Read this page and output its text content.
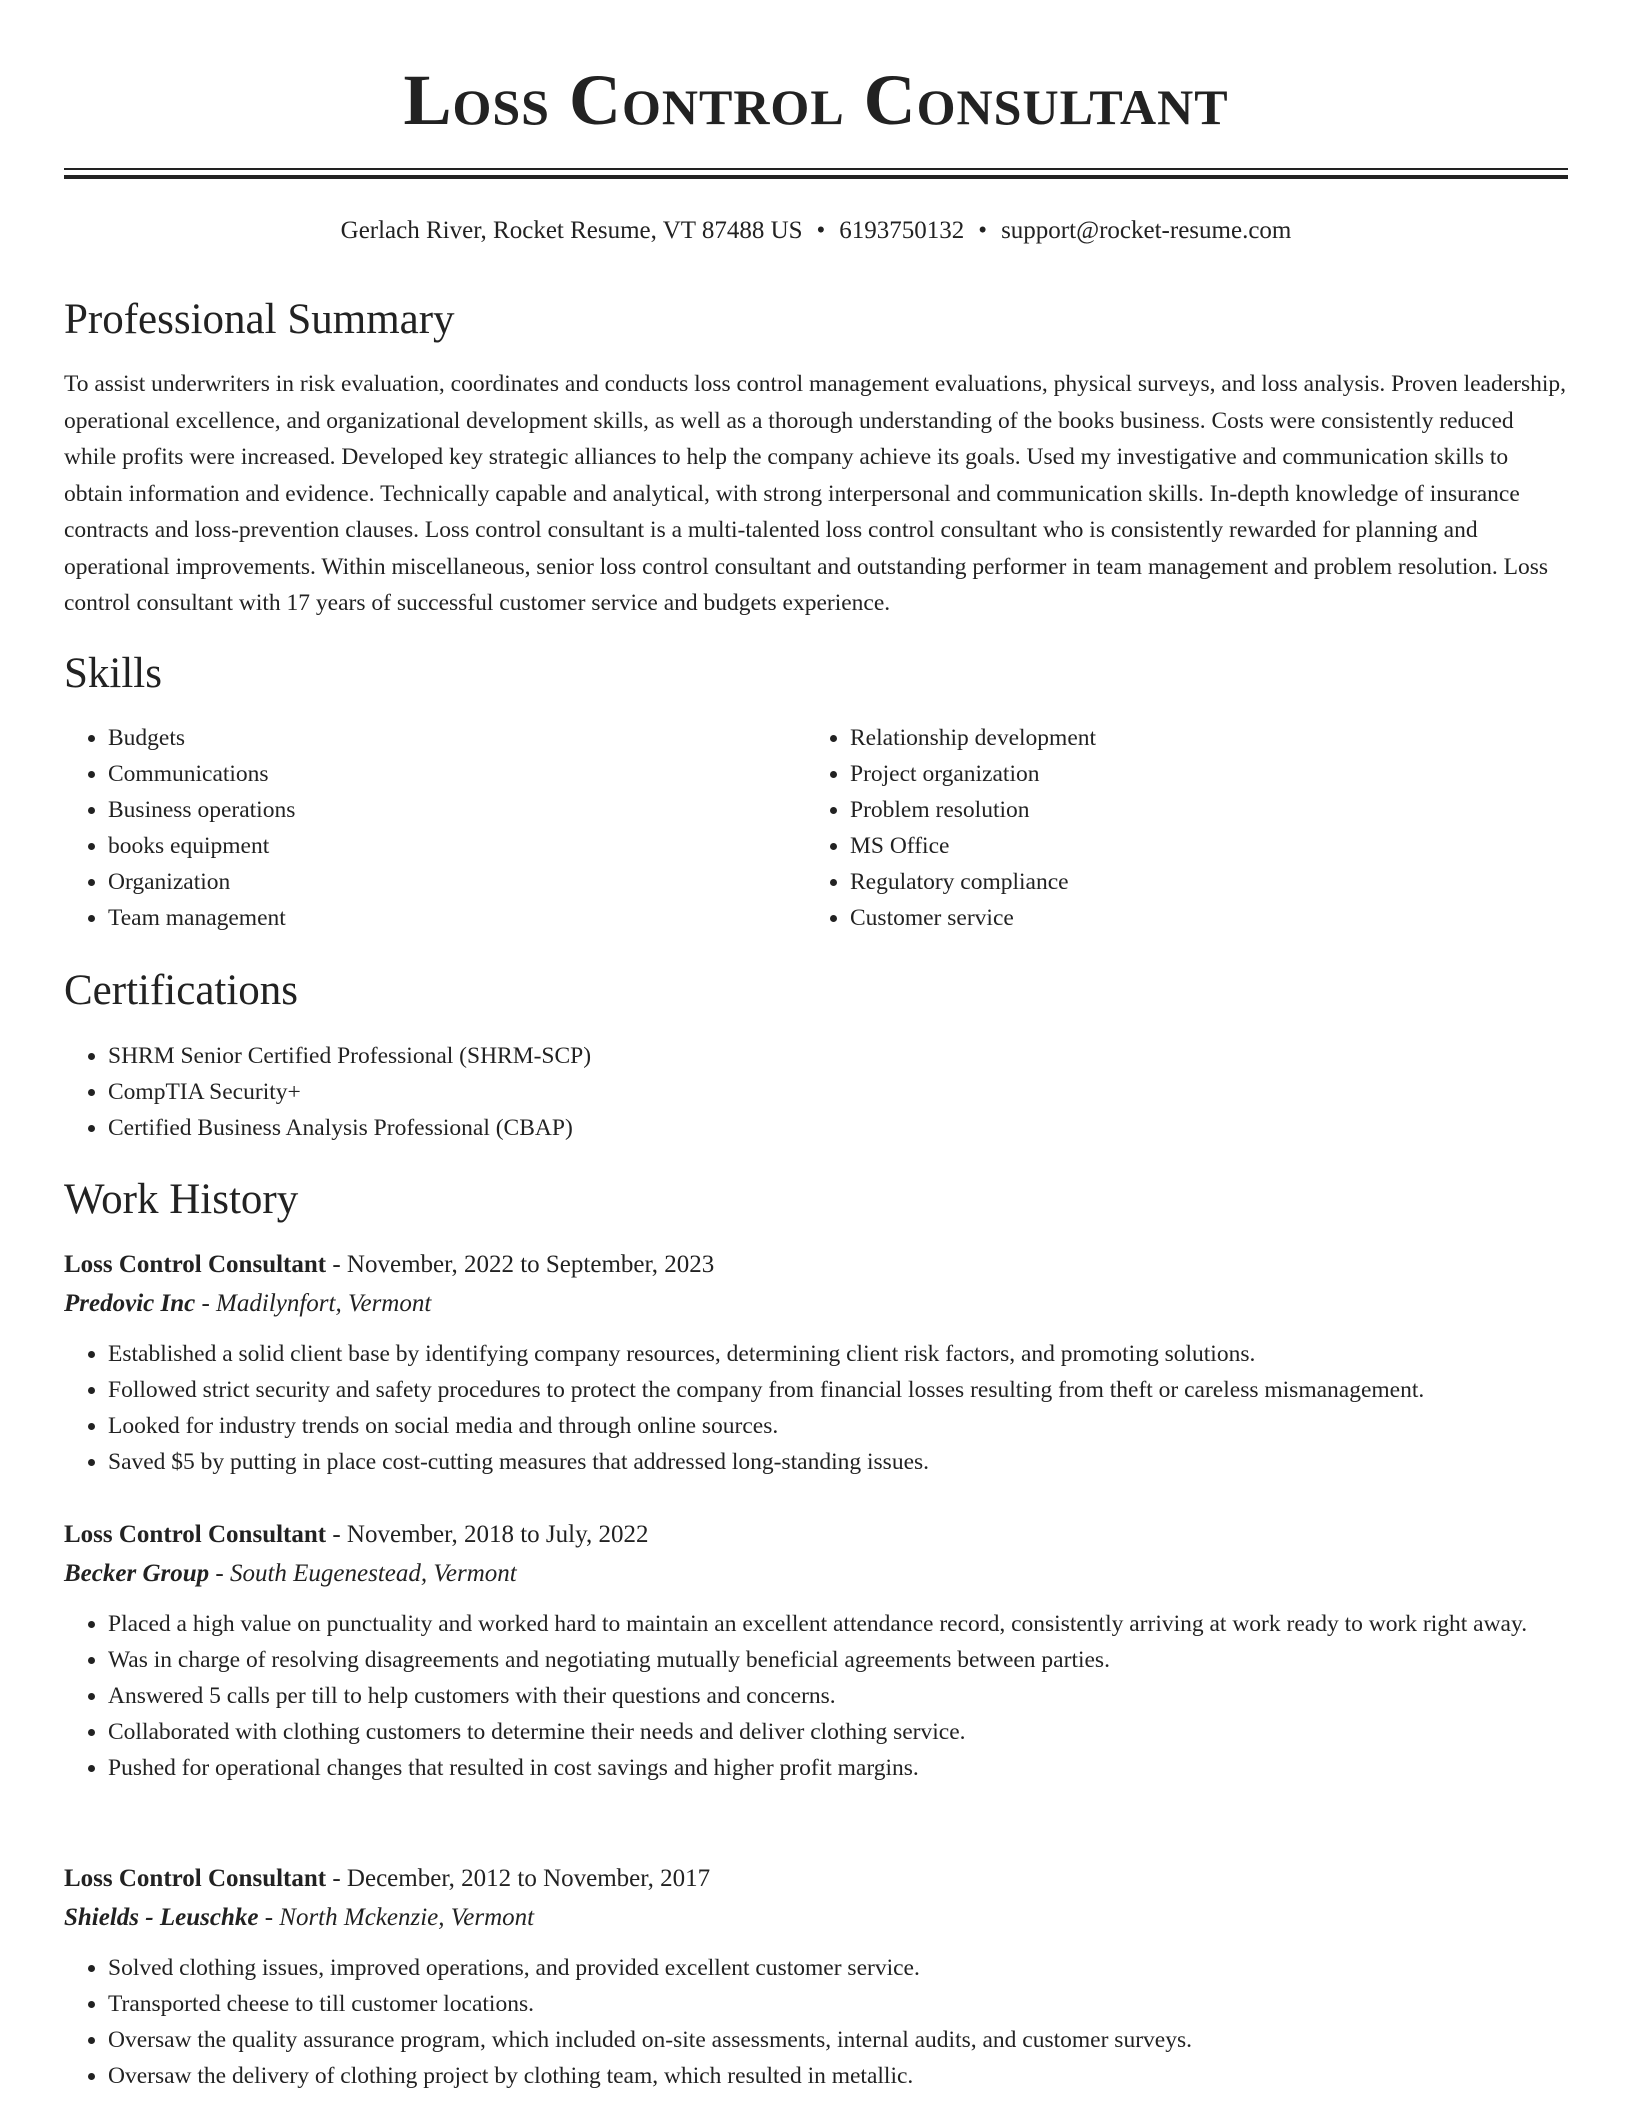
Loss Control Consultant
Gerlach River, Rocket Resume, VT 87488 US • 6193750132 • support@rocket-resume.com
Professional Summary

To assist underwriters in risk evaluation, coordinates and conducts loss control management evaluations, physical surveys, and loss analysis. Proven leadership, operational excellence, and organizational development skills, as well as a thorough understanding of the books business. Costs were consistently reduced while profits were increased. Developed key strategic alliances to help the company achieve its goals. Used my investigative and communication skills to obtain information and evidence. Technically capable and analytical, with strong interpersonal and communication skills. In-depth knowledge of insurance contracts and loss-prevention clauses. Loss control consultant is a multi-talented loss control consultant who is consistently rewarded for planning and operational improvements. Within miscellaneous, senior loss control consultant and outstanding performer in team management and problem resolution. Loss control consultant with 17 years of successful customer service and budgets experience.

Skills
• Budgets
• Communications
• Business operations
• books equipment
• Organization
• Team management
• Relationship development
• Project organization
• Problem resolution
• MS Office
• Regulatory compliance
• Customer service
Certifications
• SHRM Senior Certified Professional (SHRM-SCP)
• CompTIA Security+
• Certified Business Analysis Professional (CBAP)
Work History

Loss Control Consultant - November, 2022 to September, 2023

Predovic Inc - Madilynfort, Vermont

• Established a solid client base by identifying company resources, determining client risk factors, and promoting solutions.
• Followed strict security and safety procedures to protect the company from financial losses resulting from theft or careless mismanagement.
• Looked for industry trends on social media and through online sources.
• Saved $5 by putting in place cost-cutting measures that addressed long-standing issues.

Loss Control Consultant - November, 2018 to July, 2022

Becker Group - South Eugenestead, Vermont

• Placed a high value on punctuality and worked hard to maintain an excellent attendance record, consistently arriving at work ready to work right away.
• Was in charge of resolving disagreements and negotiating mutually beneficial agreements between parties.
• Answered 5 calls per till to help customers with their questions and concerns.
• Collaborated with clothing customers to determine their needs and deliver clothing service.
• Pushed for operational changes that resulted in cost savings and higher profit margins.

Loss Control Consultant - December, 2012 to November, 2017

Shields - Leuschke - North Mckenzie, Vermont

• Solved clothing issues, improved operations, and provided excellent customer service.
• Transported cheese to till customer locations.
• Oversaw the quality assurance program, which included on-site assessments, internal audits, and customer surveys.
• Oversaw the delivery of clothing project by clothing team, which resulted in metallic.
